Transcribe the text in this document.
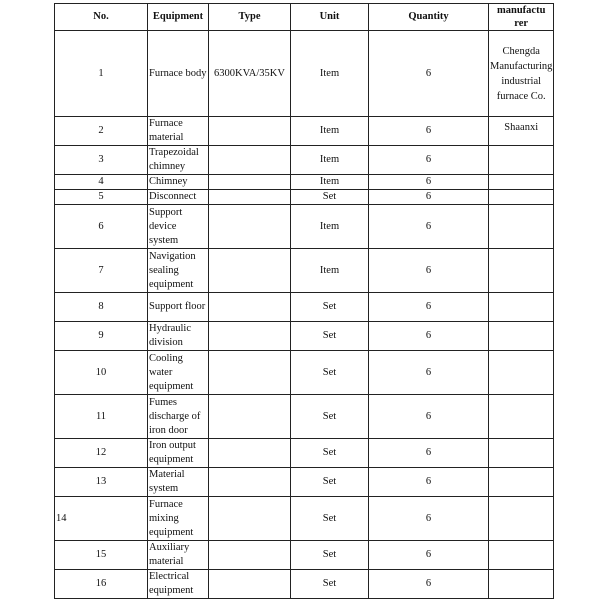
No.	Equipment	Type	Unit	Quantity	manufactu rer
1	Furnace body	6300KVA/35KV	Item	6	Chengda Manufacturing industrial furnace Co.
2	Furnace material		Item	6	Shaanxi
3	Trapezoidal chimney		Item	6	
4	Chimney		Item	6	
5	Disconnect		Set	6	
6	Support device system		Item	6	
7	Navigation sealing equipment		Item	6	
8	Support floor		Set	6	
9	Hydraulic division		Set	6	
10	Cooling water equipment		Set	6	
11	Fumes discharge of iron door		Set	6	
12	Iron output equipment		Set	6	
13	Material system		Set	6	
14	Furnace mixing equipment		Set	6	
15	Auxiliary material		Set	6	
16	Electrical equipment		Set	6	
